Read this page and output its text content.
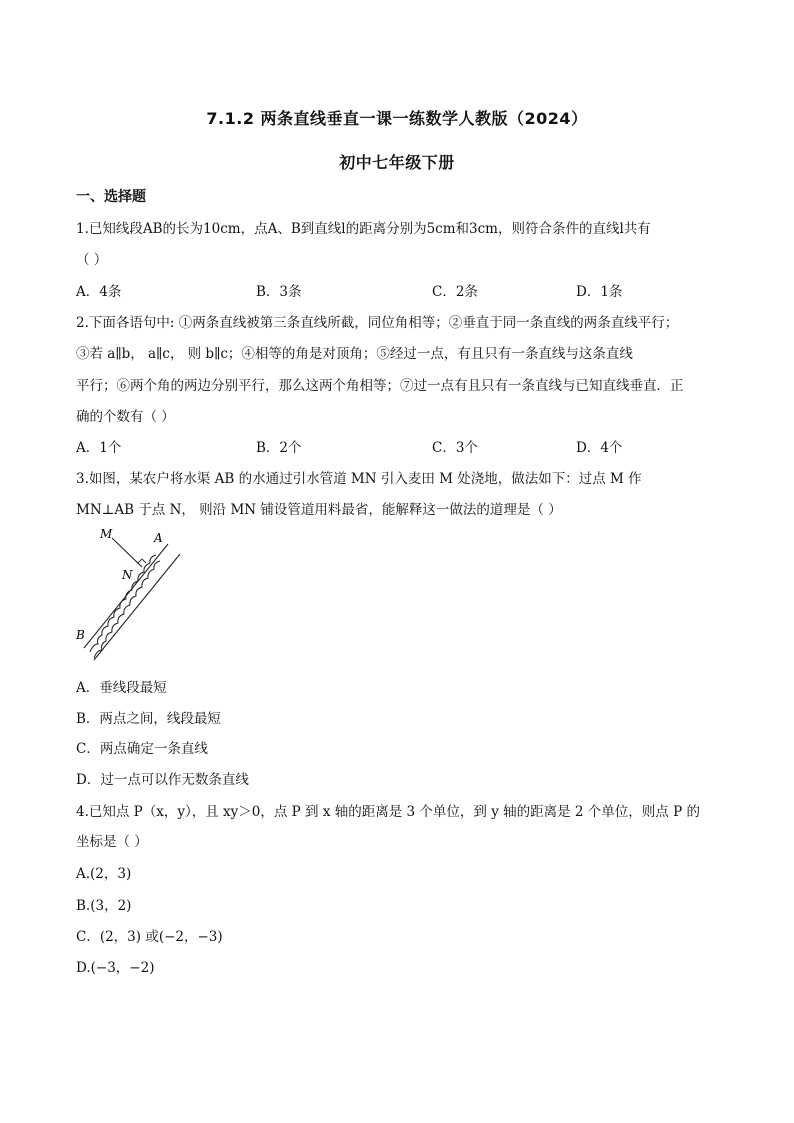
7.1.2 两条直线垂直一课一练数学人教版（2024）
初中七年级下册
一、选择题
1.已知线段AB的长为10cm，点A、B到直线l的距离分别为5cm和3cm，则符合条件的直线l共有
（ ）
A．4条	B．3条	C．2条	D．1条
2.下面各语句中: ①两条直线被第三条直线所截，同位角相等；②垂直于同一条直线的两条直线平行；
③若 a∥b， a∥c， 则 b∥c；④相等的角是对顶角；⑤经过一点，有且只有一条直线与这条直线
平行；⑥两个角的两边分别平行，那么这两个角相等；⑦过一点有且只有一条直线与已知直线垂直．正
确的个数有（ ）
A．1个	B．2个	C．3个	D．4个
3.如图，某农户将水渠 AB 的水通过引水管道 MN 引入麦田 M 处浇地，做法如下：过点 M 作
MN⊥AB 于点 N， 则沿 MN 铺设管道用料最省，能解释这一做法的道理是（ ）
M	A
N
B
A．垂线段最短
B．两点之间，线段最短
C．两点确定一条直线
D．过一点可以作无数条直线
4.已知点 P（x，y），且 xy＞0，点 P 到 x 轴的距离是 3 个单位，到 y 轴的距离是 2 个单位，则点 P 的
坐标是（ ）
A.(2，3)
B.(3，2)
C．(2，3) 或(−2，−3)
D.(−3，−2)
